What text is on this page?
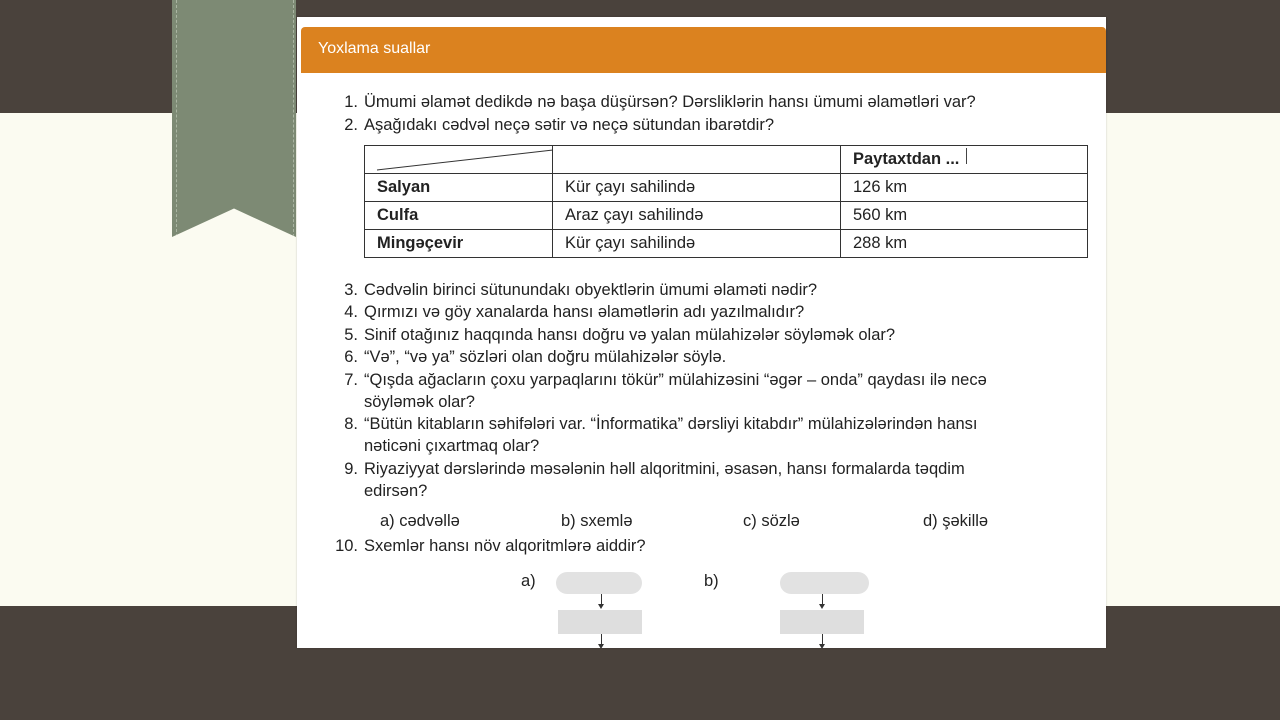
Yoxlama suallar
1. Ümumi əlamət dedikdə nə başa düşürsən? Dərsliklərin hansı ümumi əlamətləri var?
2. Aşağıdakı cədvəl neçə sətir və neçə sütundan ibarətdir?
		Paytaxtdan ...
Salyan	Kür çayı sahilində	126 km
Culfa	Araz çayı sahilində	560 km
Mingəçevir	Kür çayı sahilində	288 km
3. Cədvəlin birinci sütunundakı obyektlərin ümumi əlaməti nədir?
4. Qırmızı və göy xanalarda hansı əlamətlərin adı yazılmalıdır?
5. Sinif otağınız haqqında hansı doğru və yalan mülahizələr söyləmək olar?
6. “Və”, “və ya” sözləri olan doğru mülahizələr söylə.
7. “Qışda ağacların çoxu yarpaqlarını tökür” mülahizəsini “əgər – onda” qaydası ilə necə
söyləmək olar?
8. “Bütün kitabların səhifələri var. “İnformatika” dərsliyi kitabdır” mülahizələrindən hansı
nəticəni çıxartmaq olar?
9. Riyaziyyat dərslərində məsələnin həll alqoritmini, əsasən, hansı formalarda təqdim
edirsən?
a) cədvəllə	b) sxemlə	c) sözlə	d) şəkillə
10. Sxemlər hansı növ alqoritmlərə aiddir?
a)	b)
